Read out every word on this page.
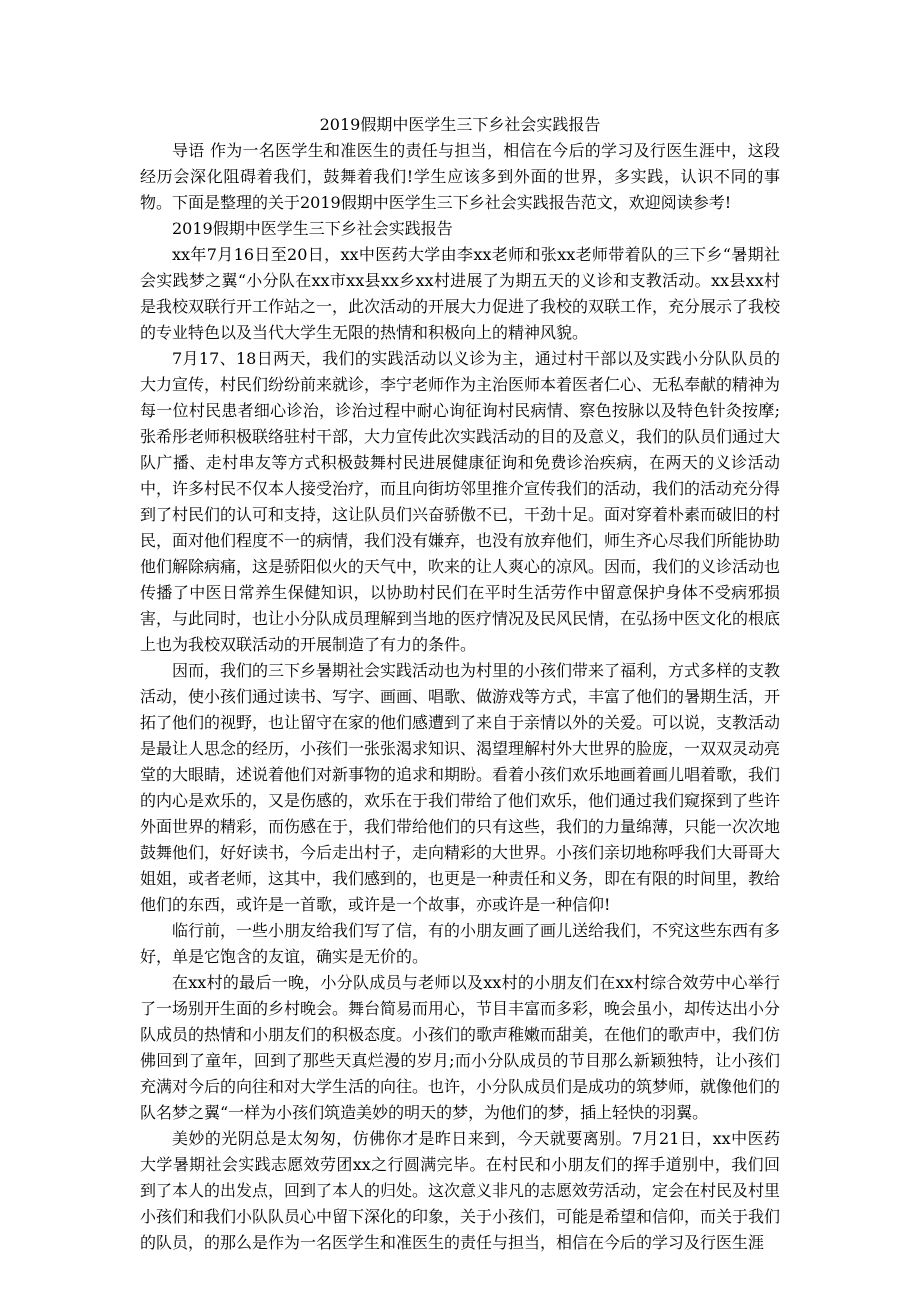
2019假期中医学生三下乡社会实践报告

导语 作为一名医学生和准医生的责任与担当，相信在今后的学习及行医生涯中，这段经历会深化阻碍着我们，鼓舞着我们!学生应该多到外面的世界，多实践，认识不同的事物。下面是整理的关于2019假期中医学生三下乡社会实践报告范文，欢迎阅读参考!

2019假期中医学生三下乡社会实践报告

xx年7月16日至20日，xx中医药大学由李xx老师和张xx老师带着队的三下乡“暑期社会实践梦之翼“小分队在xx市xx县xx乡xx村进展了为期五天的义诊和支教活动。xx县xx村是我校双联行开工作站之一，此次活动的开展大力促进了我校的双联工作，充分展示了我校的专业特色以及当代大学生无限的热情和积极向上的精神风貌。

7月17、18日两天，我们的实践活动以义诊为主，通过村干部以及实践小分队队员的大力宣传，村民们纷纷前来就诊，李宁老师作为主治医师本着医者仁心、无私奉献的精神为每一位村民患者细心诊治，诊治过程中耐心询征询村民病情、察色按脉以及特色针灸按摩;张希彤老师积极联络驻村干部，大力宣传此次实践活动的目的及意义，我们的队员们通过大队广播、走村串友等方式积极鼓舞村民进展健康征询和免费诊治疾病，在两天的义诊活动中，许多村民不仅本人接受治疗，而且向街坊邻里推介宣传我们的活动，我们的活动充分得到了村民们的认可和支持，这让队员们兴奋骄傲不已，干劲十足。面对穿着朴素而破旧的村民，面对他们程度不一的病情，我们没有嫌弃，也没有放弃他们，师生齐心尽我们所能协助他们解除病痛，这是骄阳似火的天气中，吹来的让人爽心的凉风。因而，我们的义诊活动也传播了中医日常养生保健知识，以协助村民们在平时生活劳作中留意保护身体不受病邪损害，与此同时，也让小分队成员理解到当地的医疗情况及民风民情，在弘扬中医文化的根底上也为我校双联活动的开展制造了有力的条件。

因而，我们的三下乡暑期社会实践活动也为村里的小孩们带来了福利，方式多样的支教活动，使小孩们通过读书、写字、画画、唱歌、做游戏等方式，丰富了他们的暑期生活，开拓了他们的视野，也让留守在家的他们感遭到了来自于亲情以外的关爱。可以说，支教活动是最让人思念的经历，小孩们一张张渴求知识、渴望理解村外大世界的脸庞，一双双灵动亮堂的大眼睛，述说着他们对新事物的追求和期盼。看着小孩们欢乐地画着画儿唱着歌，我们的内心是欢乐的，又是伤感的，欢乐在于我们带给了他们欢乐，他们通过我们窥探到了些许外面世界的精彩，而伤感在于，我们带给他们的只有这些，我们的力量绵薄，只能一次次地鼓舞他们，好好读书，今后走出村子，走向精彩的大世界。小孩们亲切地称呼我们大哥哥大姐姐，或者老师，这其中，我们感到的，也更是一种责任和义务，即在有限的时间里，教给他们的东西，或许是一首歌，或许是一个故事，亦或许是一种信仰!

临行前，一些小朋友给我们写了信，有的小朋友画了画儿送给我们，不究这些东西有多好，单是它饱含的友谊，确实是无价的。

在xx村的最后一晚，小分队成员与老师以及xx村的小朋友们在xx村综合效劳中心举行了一场别开生面的乡村晚会。舞台简易而用心，节目丰富而多彩，晚会虽小，却传达出小分队成员的热情和小朋友们的积极态度。小孩们的歌声稚嫩而甜美，在他们的歌声中，我们仿佛回到了童年，回到了那些天真烂漫的岁月;而小分队成员的节目那么新颖独特，让小孩们充满对今后的向往和对大学生活的向往。也许，小分队成员们是成功的筑梦师，就像他们的队名梦之翼“一样为小孩们筑造美妙的明天的梦，为他们的梦，插上轻快的羽翼。

美妙的光阴总是太匆匆，仿佛你才是昨日来到，今天就要离别。7月21日，xx中医药大学暑期社会实践志愿效劳团xx之行圆满完毕。在村民和小朋友们的挥手道别中，我们回到了本人的出发点，回到了本人的归处。这次意义非凡的志愿效劳活动，定会在村民及村里小孩们和我们小队队员心中留下深化的印象，关于小孩们，可能是希望和信仰，而关于我们的队员，的那么是作为一名医学生和准医生的责任与担当，相信在今后的学习及行医生涯
